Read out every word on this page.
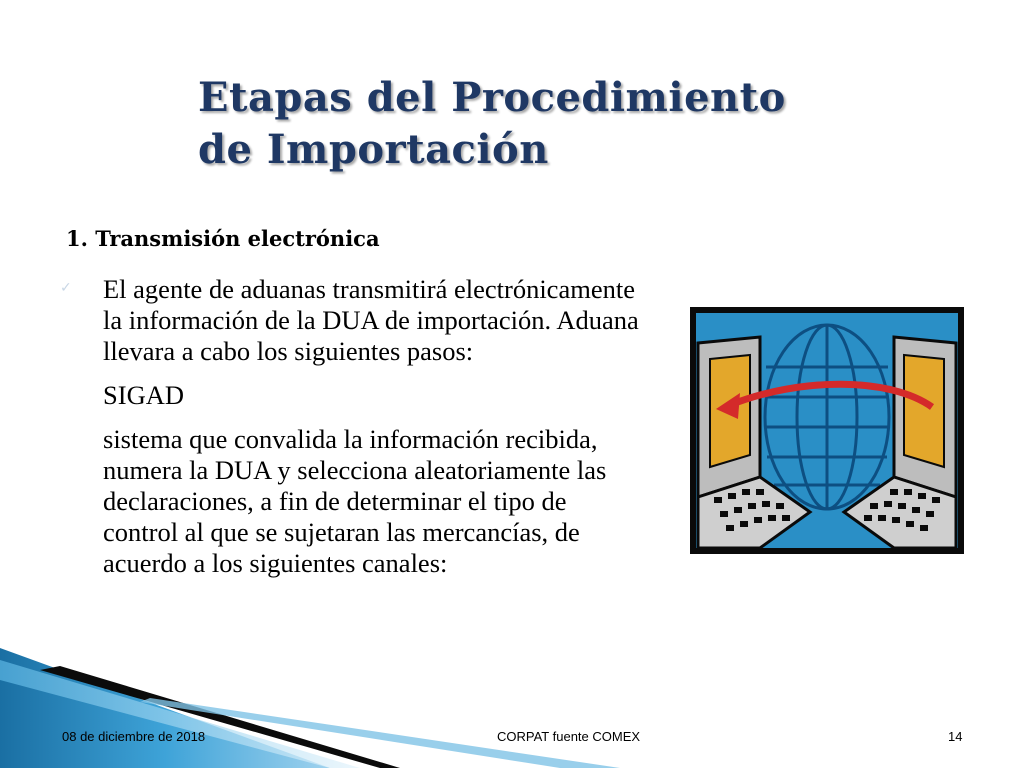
Etapas del Procedimiento
de Importación
1. Transmisión electrónica
✓ El agente de aduanas transmitirá electrónicamente la información de la DUA de importación. Aduana llevara a cabo los siguientes pasos:

SIGAD

sistema que convalida la información recibida, numera la DUA y selecciona aleatoriamente las declaraciones, a fin de determinar el tipo de control al que se sujetaran las mercancías, de acuerdo a los siguientes canales:

08 de diciembre de 2018	CORPAT fuente COMEX	14
